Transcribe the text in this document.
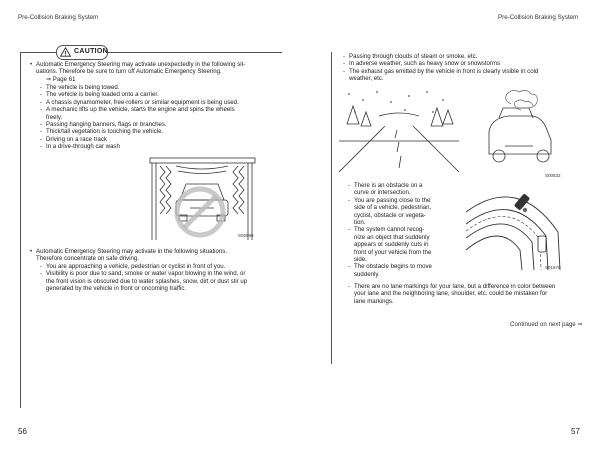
Pre-Collision Braking System	Pre-Collision Braking System
! CAUTION

• Automatic Emergency Steering may activate unexpectedly in the following sit-

uations. Therefore be sure to turn off Automatic Emergency Steering.

⇒ Page 61

- The vehicle is being towed.

- The vehicle is being loaded onto a carrier.

- A chassis dynamometer, free-rollers or similar equipment is being used.

- A mechanic lifts up the vehicle, starts the engine and spins the wheels

freely.

- Passing hanging banners, flags or branches.

- Thick/tall vegetation is touching the vehicle.

- Driving on a race track

- In a drive-through car wash

S00898

• Automatic Emergency Steering may activate in the following situations.

Therefore concentrate on safe driving.

- You are approaching a vehicle, pedestrian or cyclist in front of you.

- Visibility is poor due to sand, smoke or water vapor blowing in the wind, or

the front vision is obscured due to water splashes, snow, dirt or dust stir up

generated by the vehicle in front or oncoming traffic.

- Passing through clouds of steam or smoke, etc.

- In adverse weather, such as heavy snow or snowstorms

- The exhaust gas emitted by the vehicle in front is clearly visible in cold

weather, etc.

S00832

- There is an obstacle on a

curve or intersection.

- You are passing close to the

side of a vehicle, pedestrian,

cyclist, obstacle or vegeta-

tion.

- The system cannot recog-

nize an object that suddenly

appears or suddenly cuts in

front of your vehicle from the

side.

- The obstacle begins to move

suddenly.

S01670

- There are no lane markings for your lane, but a difference in color between

your lane and the neighboring lane, shoulder, etc. could be mistaken for

lane markings.

Continued on next page ⇒
56	57
